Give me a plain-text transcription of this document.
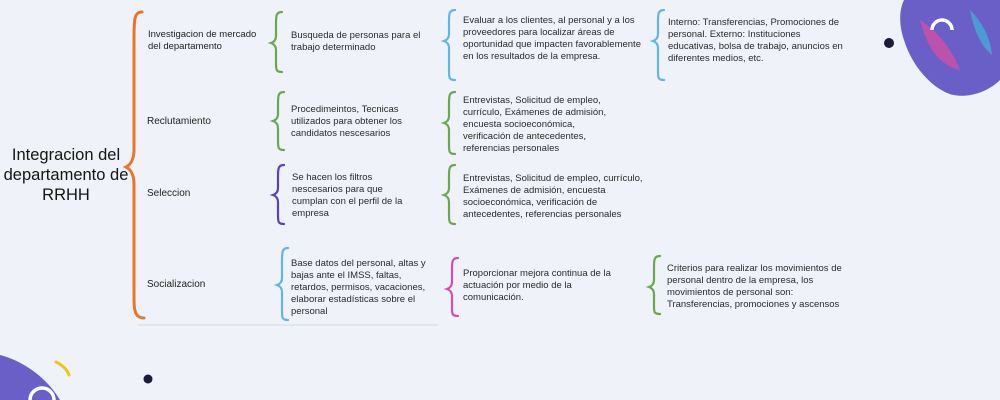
Integracion del departamento de RRHH
Investigacion de mercado del departamento
Busqueda de personas para el trabajo determinado
Evaluar a los clientes, al personal y a los proveedores para localizar áreas de oportunidad que impacten favorablemente en los resultados de la empresa.
Interno: Transferencias, Promociones de personal. Externo: Instituciones educativas, bolsa de trabajo, anuncios en diferentes medios, etc.
Reclutamiento
Procedimeintos, Tecnicas utilizados para obtener los candidatos nescesarios
Entrevistas, Solicitud de empleo, currículo, Exámenes de admisión, encuesta socioeconómica, verificación de antecedentes, referencias personales
Seleccion
Se hacen los filtros nescesarios para que cumplan con el perfil de la empresa
Entrevistas, Solicitud de empleo, currículo, Exámenes de admisión, encuesta socioeconómica, verificación de antecedentes, referencias personales
Socializacion
Base datos del personal, altas y bajas ante el IMSS, faltas, retardos, permisos, vacaciones, elaborar estadísticas sobre el personal
Proporcionar mejora continua de la actuación por medio de la comunicación.
Criterios para realizar los movimientos de personal dentro de la empresa, los movimientos de personal son: Transferencias, promociones y ascensos
